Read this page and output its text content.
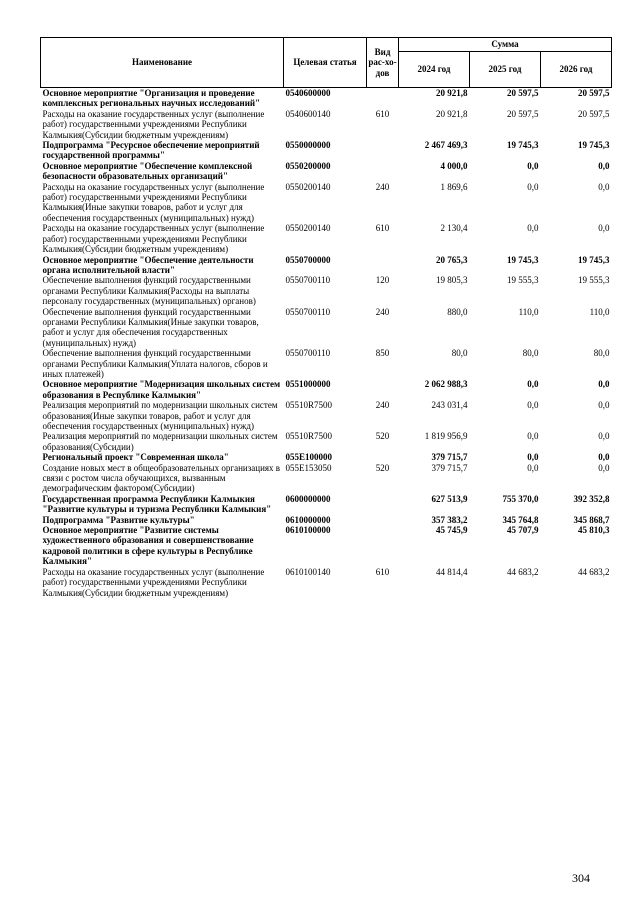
Наименование	Целевая статья	Вид рас-хо-дов	Сумма		
			2024 год	2025 год	2026 год
Основное мероприятие "Организация и проведение комплексных региональных научных исследований"	0540600000		20 921,8	20 597,5	20 597,5
Расходы на оказание государственных услуг (выполнение работ) государственными учреждениями Республики Калмыкия(Субсидии бюджетным учреждениям)	0540600140	610	20 921,8	20 597,5	20 597,5
Подпрограмма "Ресурсное обеспечение мероприятий государственной программы"	0550000000		2 467 469,3	19 745,3	19 745,3
Основное мероприятие "Обеспечение комплексной безопасности образовательных организаций"	0550200000		4 000,0	0,0	0,0
Расходы на оказание государственных услуг (выполнение работ) государственными учреждениями Республики Калмыкия(Иные закупки товаров, работ и услуг для обеспечения государственных (муниципальных) нужд)	0550200140	240	1 869,6	0,0	0,0
Расходы на оказание государственных услуг (выполнение работ) государственными учреждениями Республики Калмыкия(Субсидии бюджетным учреждениям)	0550200140	610	2 130,4	0,0	0,0
Основное мероприятие "Обеспечение деятельности органа исполнительной власти"	0550700000		20 765,3	19 745,3	19 745,3
Обеспечение выполнения функций государственными органами Республики Калмыкия(Расходы на выплаты персоналу государственных (муниципальных) органов)	0550700110	120	19 805,3	19 555,3	19 555,3
Обеспечение выполнения функций государственными органами Республики Калмыкия(Иные закупки товаров, работ и услуг для обеспечения государственных (муниципальных) нужд)	0550700110	240	880,0	110,0	110,0
Обеспечение выполнения функций государственными органами Республики Калмыкия(Уплата налогов, сборов и иных платежей)	0550700110	850	80,0	80,0	80,0
Основное мероприятие "Модернизация школьных систем образования в Республике Калмыкия"	0551000000		2 062 988,3	0,0	0,0
Реализация мероприятий по модернизации школьных систем образования(Иные закупки товаров, работ и услуг для обеспечения государственных (муниципальных) нужд)	05510R7500	240	243 031,4	0,0	0,0
Реализация мероприятий по модернизации школьных систем образования(Субсидии)	05510R7500	520	1 819 956,9	0,0	0,0
Региональный проект "Современная школа"	055E100000		379 715,7	0,0	0,0
Создание новых мест в общеобразовательных организациях в связи с ростом числа обучающихся, вызванным демографическим фактором(Субсидии)	055E153050	520	379 715,7	0,0	0,0
Государственная программа Республики Калмыкия "Развитие культуры и туризма Республики Калмыкия"	0600000000		627 513,9	755 370,0	392 352,8
Подпрограмма "Развитие культуры"	0610000000		357 383,2	345 764,8	345 868,7
Основное мероприятие "Развитие системы художественного образования и совершенствование кадровой политики в сфере культуры в Республике Калмыкия"	0610100000		45 745,9	45 707,9	45 810,3
Расходы на оказание государственных услуг (выполнение работ) государственными учреждениями Республики Калмыкия(Субсидии бюджетным учреждениям)	0610100140	610	44 814,4	44 683,2	44 683,2
304
